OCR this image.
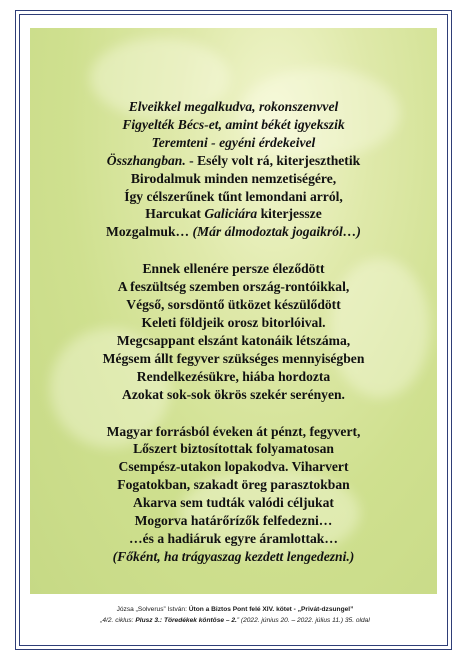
Elveikkel megalkudva, rokonszenvvel
Figyelték Bécs-et, amint békét igyekszik
Teremteni - egyéni érdekeivel
Összhangban. - Esély volt rá, kiterjeszthetik
Birodalmuk minden nemzetiségére,
Így célszerűnek tűnt lemondani arról,
Harcukat Galiciára kiterjessze
Mozgalmuk… (Már álmodoztak jogaikról…)
Ennek ellenére persze éleződött
A feszültség szemben ország-rontóikkal,
Végső, sorsdöntő ütközet készülődött
Keleti földjeik orosz bitorlóival.
Megcsappant elszánt katonáik létszáma,
Mégsem állt fegyver szükséges mennyiségben
Rendelkezésükre, hiába hordozta
Azokat sok-sok ökrös szekér serényen.
Magyar forrásból éveken át pénzt, fegyvert,
Lőszert biztosítottak folyamatosan
Csempész-utakon lopakodva. Viharvert
Fogatokban, szakadt öreg parasztokban
Akarva sem tudták valódi céljukat
Mogorva határőrízők felfedezni…
…és a hadiáruk egyre áramlottak…
(Főként, ha trágyaszag kezdett lengedezni.)
Józsa „Solverus” István: Úton a Biztos Pont felé XIV. kötet - „Privát-dzsungel”
„4/2. ciklus: Plusz 3.: Töredékek köntöse – 2.” (2022. június 20. – 2022. július 11.) 35. oldal
